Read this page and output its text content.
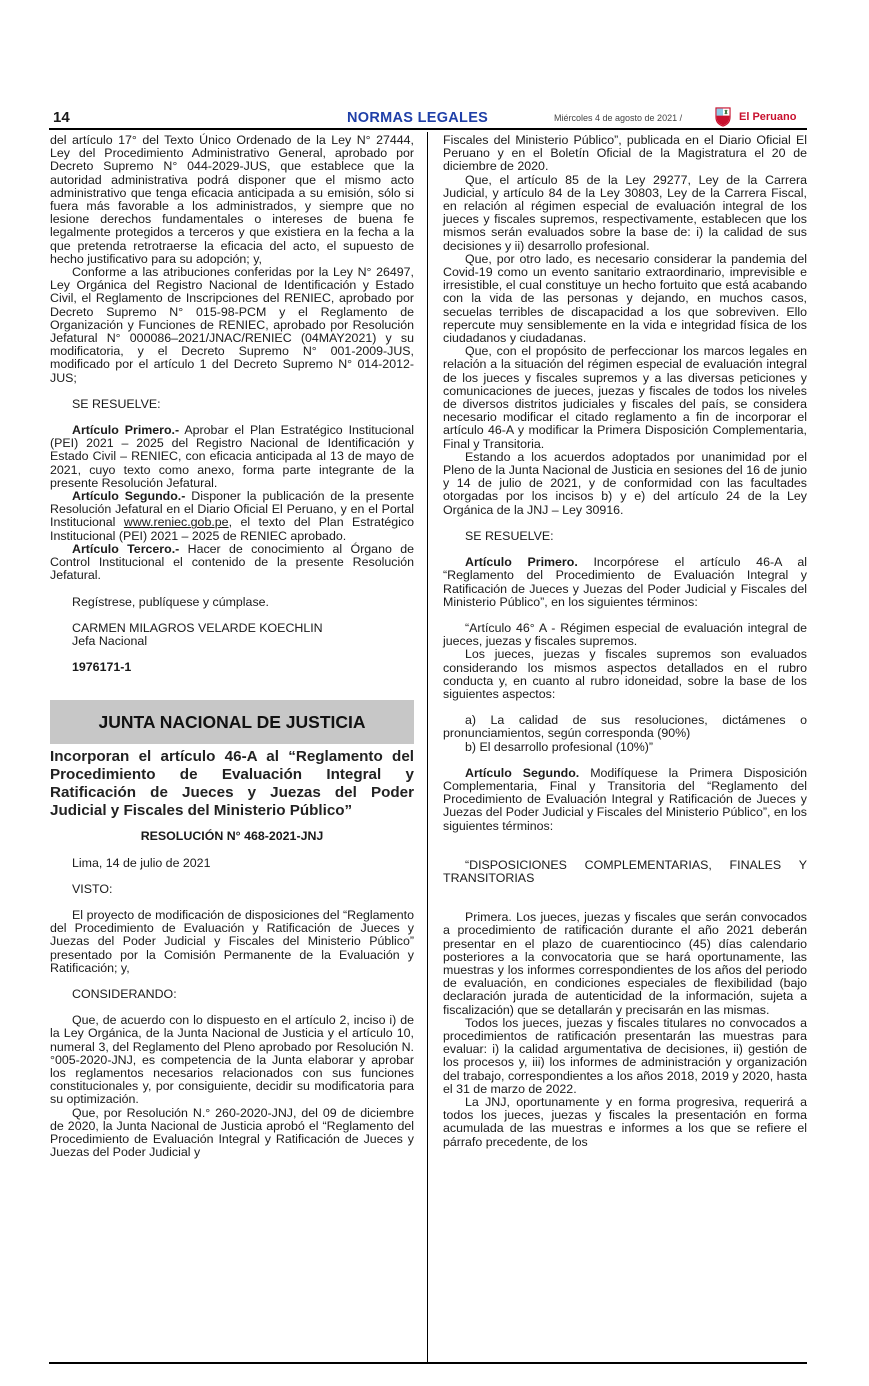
14	NORMAS LEGALES	Miércoles 4 de agosto de 2021 /	El Peruano

del artículo 17° del Texto Único Ordenado de la Ley N° 27444, Ley del Procedimiento Administrativo General, aprobado por Decreto Supremo N° 044-2029-JUS, que establece que la autoridad administrativa podrá disponer que el mismo acto administrativo que tenga eficacia anticipada a su emisión, sólo si fuera más favorable a los administrados, y siempre que no lesione derechos fundamentales o intereses de buena fe legalmente protegidos a terceros y que existiera en la fecha a la que pretenda retrotraerse la eficacia del acto, el supuesto de hecho justificativo para su adopción; y,

Conforme a las atribuciones conferidas por la Ley N° 26497, Ley Orgánica del Registro Nacional de Identificación y Estado Civil, el Reglamento de Inscripciones del RENIEC, aprobado por Decreto Supremo N° 015-98-PCM y el Reglamento de Organización y Funciones de RENIEC, aprobado por Resolución Jefatural N° 000086–2021/JNAC/RENIEC (04MAY2021) y su modificatoria, y el Decreto Supremo N° 001-2009-JUS, modificado por el artículo 1 del Decreto Supremo N° 014-2012-JUS;

SE RESUELVE:

Artículo Primero.- Aprobar el Plan Estratégico Institucional (PEI) 2021 – 2025 del Registro Nacional de Identificación y Estado Civil – RENIEC, con eficacia anticipada al 13 de mayo de 2021, cuyo texto como anexo, forma parte integrante de la presente Resolución Jefatural.

Artículo Segundo.- Disponer la publicación de la presente Resolución Jefatural en el Diario Oficial El Peruano, y en el Portal Institucional www.reniec.gob.pe, el texto del Plan Estratégico Institucional (PEI) 2021 – 2025 de RENIEC aprobado.

Artículo Tercero.- Hacer de conocimiento al Órgano de Control Institucional el contenido de la presente Resolución Jefatural.

Regístrese, publíquese y cúmplase.

CARMEN MILAGROS VELARDE KOECHLIN

Jefa Nacional

1976171-1

JUNTA NACIONAL DE JUSTICIA
Incorporan el artículo 46-A al “Reglamento del Procedimiento de Evaluación Integral y Ratificación de Jueces y Juezas del Poder Judicial y Fiscales del Ministerio Público”

RESOLUCIÓN N° 468-2021-JNJ

Lima, 14 de julio de 2021

VISTO:

El proyecto de modificación de disposiciones del “Reglamento del Procedimiento de Evaluación y Ratificación de Jueces y Juezas del Poder Judicial y Fiscales del Ministerio Público” presentado por la Comisión Permanente de la Evaluación y Ratificación; y,

CONSIDERANDO:

Que, de acuerdo con lo dispuesto en el artículo 2, inciso i) de la Ley Orgánica, de la Junta Nacional de Justicia y el artículo 10, numeral 3, del Reglamento del Pleno aprobado por Resolución N.°005-2020-JNJ, es competencia de la Junta elaborar y aprobar los reglamentos necesarios relacionados con sus funciones constitucionales y, por consiguiente, decidir su modificatoria para su optimización.

Que, por Resolución N.° 260-2020-JNJ, del 09 de diciembre de 2020, la Junta Nacional de Justicia aprobó el “Reglamento del Procedimiento de Evaluación Integral y Ratificación de Jueces y Juezas del Poder Judicial y

Fiscales del Ministerio Público”, publicada en el Diario Oficial El Peruano y en el Boletín Oficial de la Magistratura el 20 de diciembre de 2020.

Que, el artículo 85 de la Ley 29277, Ley de la Carrera Judicial, y artículo 84 de la Ley 30803, Ley de la Carrera Fiscal, en relación al régimen especial de evaluación integral de los jueces y fiscales supremos, respectivamente, establecen que los mismos serán evaluados sobre la base de: i) la calidad de sus decisiones y ii) desarrollo profesional.

Que, por otro lado, es necesario considerar la pandemia del Covid-19 como un evento sanitario extraordinario, imprevisible e irresistible, el cual constituye un hecho fortuito que está acabando con la vida de las personas y dejando, en muchos casos, secuelas terribles de discapacidad a los que sobreviven. Ello repercute muy sensiblemente en la vida e integridad física de los ciudadanos y ciudadanas.

Que, con el propósito de perfeccionar los marcos legales en relación a la situación del régimen especial de evaluación integral de los jueces y fiscales supremos y a las diversas peticiones y comunicaciones de jueces, juezas y fiscales de todos los niveles de diversos distritos judiciales y fiscales del país, se considera necesario modificar el citado reglamento a fin de incorporar el artículo 46-A y modificar la Primera Disposición Complementaria, Final y Transitoria.

Estando a los acuerdos adoptados por unanimidad por el Pleno de la Junta Nacional de Justicia en sesiones del 16 de junio y 14 de julio de 2021, y de conformidad con las facultades otorgadas por los incisos b) y e) del artículo 24 de la Ley Orgánica de la JNJ – Ley 30916.

SE RESUELVE:

Artículo Primero. Incorpórese el artículo 46-A al “Reglamento del Procedimiento de Evaluación Integral y Ratificación de Jueces y Juezas del Poder Judicial y Fiscales del Ministerio Público”, en los siguientes términos:

“Artículo 46° A - Régimen especial de evaluación integral de jueces, juezas y fiscales supremos.

Los jueces, juezas y fiscales supremos son evaluados considerando los mismos aspectos detallados en el rubro conducta y, en cuanto al rubro idoneidad, sobre la base de los siguientes aspectos:

a) La calidad de sus resoluciones, dictámenes o pronunciamientos, según corresponda (90%)

b) El desarrollo profesional (10%)”

Artículo Segundo. Modifíquese la Primera Disposición Complementaria, Final y Transitoria del “Reglamento del Procedimiento de Evaluación Integral y Ratificación de Jueces y Juezas del Poder Judicial y Fiscales del Ministerio Público”, en los siguientes términos:

“DISPOSICIONES COMPLEMENTARIAS, FINALES Y TRANSITORIAS

Primera. Los jueces, juezas y fiscales que serán convocados a procedimiento de ratificación durante el año 2021 deberán presentar en el plazo de cuarentiocinco (45) días calendario posteriores a la convocatoria que se hará oportunamente, las muestras y los informes correspondientes de los años del periodo de evaluación, en condiciones especiales de flexibilidad (bajo declaración jurada de autenticidad de la información, sujeta a fiscalización) que se detallarán y precisarán en las mismas.

Todos los jueces, juezas y fiscales titulares no convocados a procedimientos de ratificación presentarán las muestras para evaluar: i) la calidad argumentativa de decisiones, ii) gestión de los procesos y, iii) los informes de administración y organización del trabajo, correspondientes a los años 2018, 2019 y 2020, hasta el 31 de marzo de 2022.

La JNJ, oportunamente y en forma progresiva, requerirá a todos los jueces, juezas y fiscales la presentación en forma acumulada de las muestras e informes a los que se refiere el párrafo precedente, de los
